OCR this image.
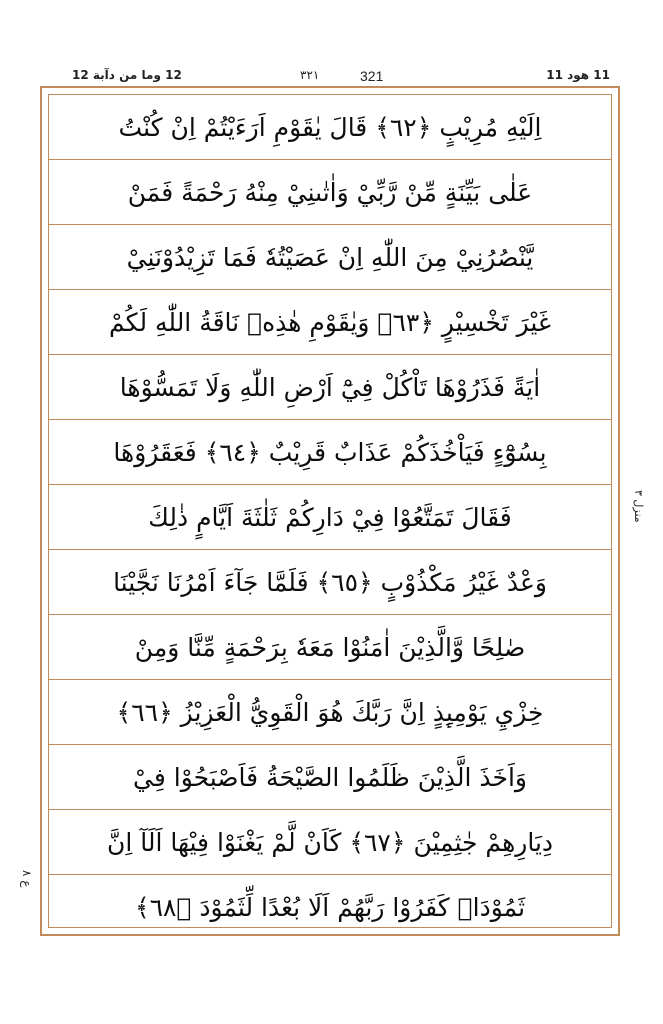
12 وما من دآبة 12	٣٢١	321	11 هود 11
اِلَيْهِ مُرِيْبٍ ﴿٦٢﴾ قَالَ يٰقَوْمِ اَرَءَيْتُمْ اِنْ كُنْتُ
عَلٰى بَيِّنَةٍ مِّنْ رَّبِّيْ وَاٰتٰىنِيْ مِنْهُ رَحْمَةً فَمَنْ
يَّنْصُرُنِيْ مِنَ اللّٰهِ اِنْ عَصَيْتُهٗ فَمَا تَزِيْدُوْنَنِيْ
غَيْرَ تَخْسِيْرٍ ﴿٦٣﴾ وَيٰقَوْمِ هٰذِهٖ نَاقَةُ اللّٰهِ لَكُمْ
اٰيَةً فَذَرُوْهَا تَاْكُلْ فِيْٓ اَرْضِ اللّٰهِ وَلَا تَمَسُّوْهَا
بِسُوْٓءٍ فَيَاْخُذَكُمْ عَذَابٌ قَرِيْبٌ ﴿٦٤﴾ فَعَقَرُوْهَا
فَقَالَ تَمَتَّعُوْا فِيْ دَارِكُمْ ثَلٰثَةَ اَيَّامٍ ذٰلِكَ
وَعْدٌ غَيْرُ مَكْذُوْبٍ ﴿٦٥﴾ فَلَمَّا جَآءَ اَمْرُنَا نَجَّيْنَا
صٰلِحًا وَّالَّذِيْنَ اٰمَنُوْا مَعَهٗ بِرَحْمَةٍ مِّنَّا وَمِنْ
خِزْيِ يَوْمِىِٕذٍ اِنَّ رَبَّكَ هُوَ الْقَوِيُّ الْعَزِيْزُ ﴿٦٦﴾
وَاَخَذَ الَّذِيْنَ ظَلَمُوا الصَّيْحَةُ فَاَصْبَحُوْا فِيْ
دِيَارِهِمْ جٰثِمِيْنَ ﴿٦٧﴾ كَاَنْ لَّمْ يَغْنَوْا فِيْهَا اَلَآ اِنَّ
ثَمُوْدَا۟ كَفَرُوْا رَبَّهُمْ اَلَا بُعْدًا لِّثَمُوْدَ ﴿٦٨﴾
منزل ٣
ع ٨
